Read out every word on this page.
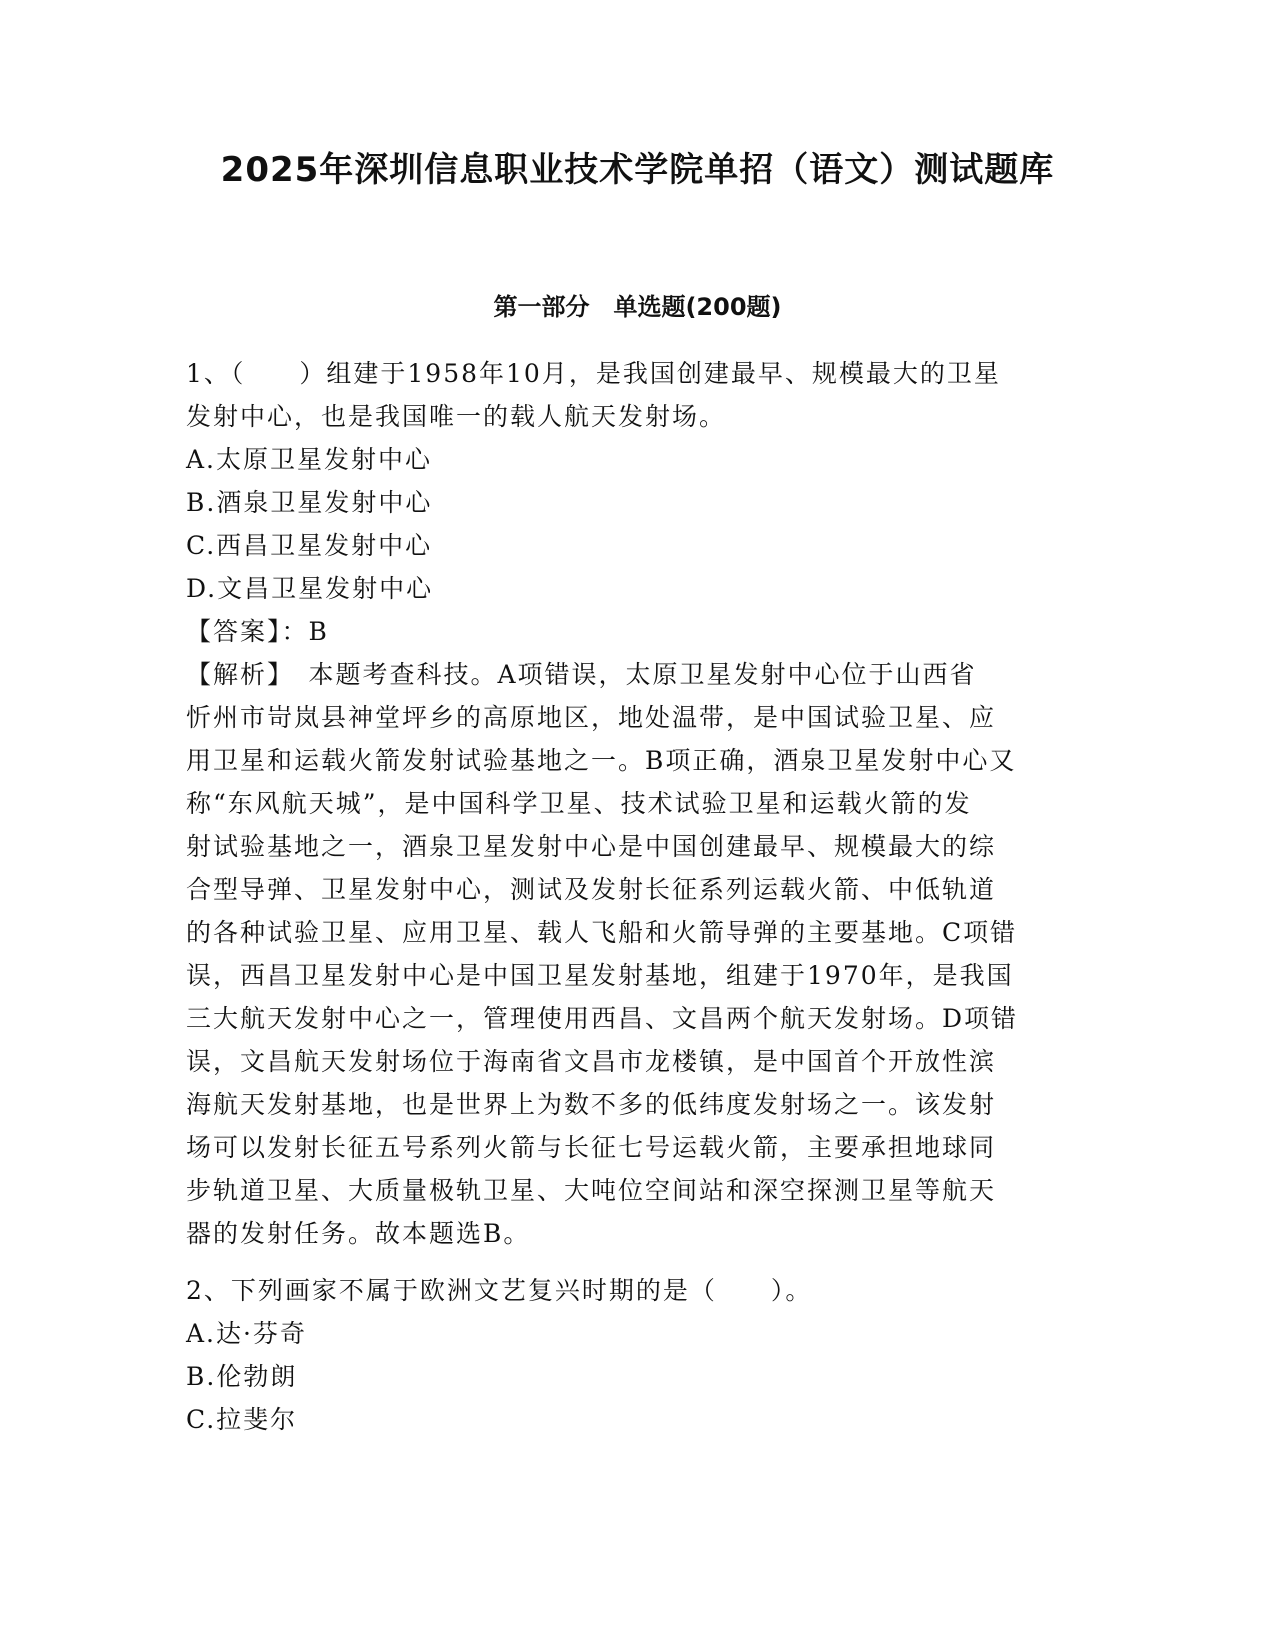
2025年深圳信息职业技术学院单招（语文）测试题库
第一部分　单选题(200题)

1、（　　）组建于1958年10月，是我国创建最早、规模最大的卫星

发射中心，也是我国唯一的载人航天发射场。

A.太原卫星发射中心

B.酒泉卫星发射中心

C.西昌卫星发射中心

D.文昌卫星发射中心

【答案】：B

【解析】　本题考查科技。A项错误，太原卫星发射中心位于山西省

忻州市岢岚县神堂坪乡的高原地区，地处温带，是中国试验卫星、应

用卫星和运载火箭发射试验基地之一。B项正确，酒泉卫星发射中心又

称“东风航天城”，是中国科学卫星、技术试验卫星和运载火箭的发

射试验基地之一，酒泉卫星发射中心是中国创建最早、规模最大的综

合型导弹、卫星发射中心，测试及发射长征系列运载火箭、中低轨道

的各种试验卫星、应用卫星、载人飞船和火箭导弹的主要基地。C项错

误，西昌卫星发射中心是中国卫星发射基地，组建于1970年，是我国

三大航天发射中心之一，管理使用西昌、文昌两个航天发射场。D项错

误，文昌航天发射场位于海南省文昌市龙楼镇，是中国首个开放性滨

海航天发射基地，也是世界上为数不多的低纬度发射场之一。该发射

场可以发射长征五号系列火箭与长征七号运载火箭，主要承担地球同

步轨道卫星、大质量极轨卫星、大吨位空间站和深空探测卫星等航天

器的发射任务。故本题选B。

2、下列画家不属于欧洲文艺复兴时期的是（　　）。

A.达·芬奇

B.伦勃朗

C.拉斐尔
